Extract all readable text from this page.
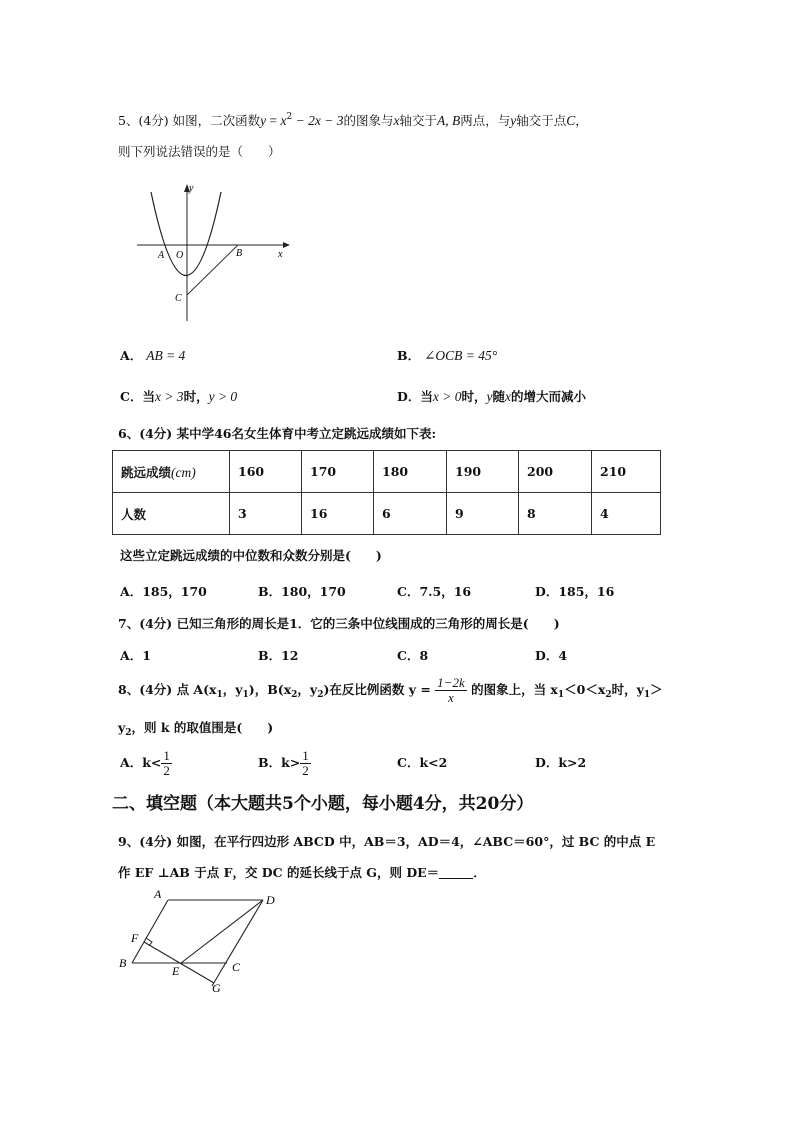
5、(4分) 如图，二次函数$y = x^2 - 2x - 3$的图象与x轴交于A, B两点，与y轴交于点C，
则下列说法错误的是（　　）
y
x
A O	B
C
A． AB = 4	B． ∠OCB = 45°
C．当x > 3时，y > 0	D．当x > 0时，y随x的增大而减小
6、(4分) 某中学46名女生体育中考立定跳远成绩如下表:
跳远成绩(cm)	160	170	180	190	200	210
人数	3	16	6	9	8	4
这些立定跳远成绩的中位数和众数分别是(　　)
A．185，170	B．180，170	C．7.5，16	D．185，16
7、(4分) 已知三角形的周长是1．它的三条中位线围成的三角形的周长是(　　)
A．1	B．12	C．8	D．4
8、(4分) 点 $A(x_1$，$y_1$)，$B(x_2$，$y_2$)在反比例函数 $y = \frac{1-2k}{x}$ 的图象上，当 $x_1<0<x_2$时，$y_1>$
$y_2$，则 k 的取值围是(　　)
A．$k< \frac{1}{2}$	B．$k> \frac{1}{2}$	C．k<2	D．k>2
二、填空题（本大题共5个小题，每小题4分，共20分）
9、(4分) 如图，在平行四边形 ABCD 中，AB＝3，AD＝4，∠ABC＝60°，过 BC 的中点 E
作 EF ⊥AB 于点 F，交 DC 的延长线于点 G，则 DE＝	．
A	D
F
B
E	C
G
